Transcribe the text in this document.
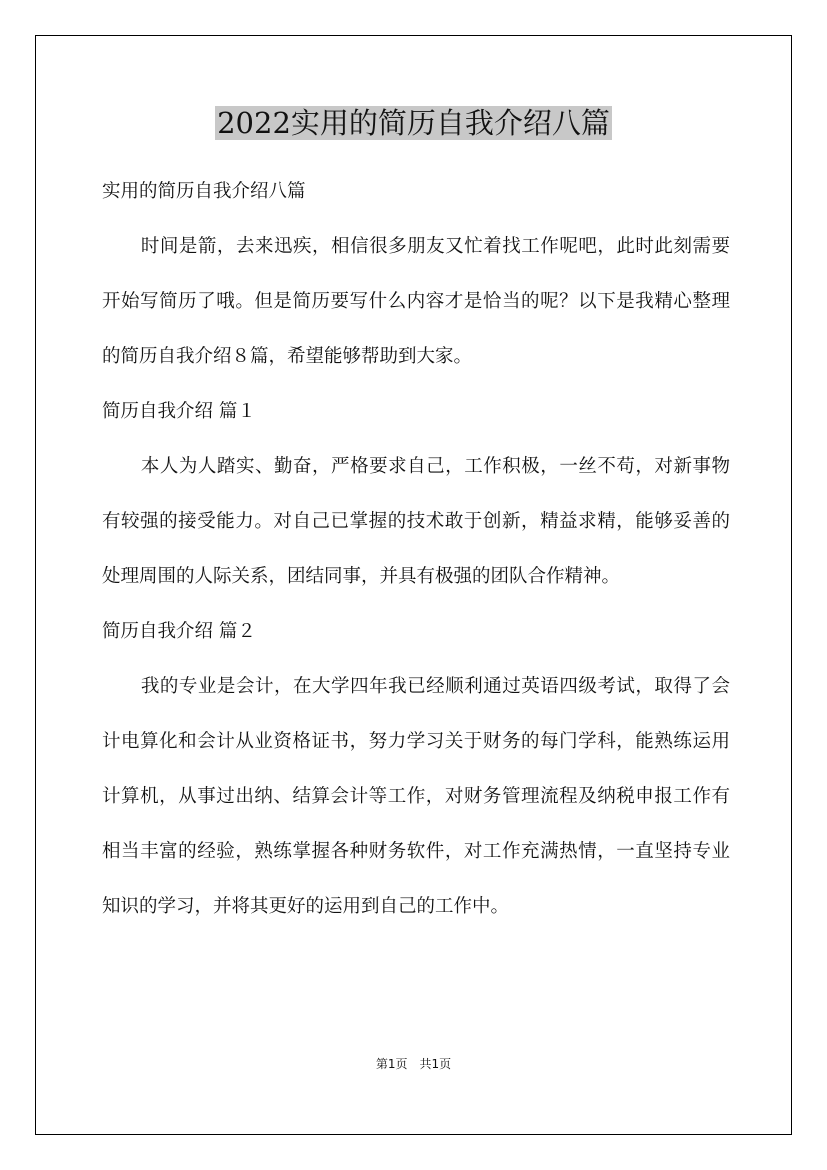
2022实用的简历自我介绍八篇

实用的简历自我介绍八篇

时间是箭，去来迅疾，相信很多朋友又忙着找工作呢吧，此时此刻需要开始写简历了哦。但是简历要写什么内容才是恰当的呢？以下是我精心整理的简历自我介绍８篇，希望能够帮助到大家。

简历自我介绍 篇１

本人为人踏实、勤奋，严格要求自己，工作积极，一丝不苟，对新事物有较强的接受能力。对自己已掌握的技术敢于创新，精益求精，能够妥善的处理周围的人际关系，团结同事，并具有极强的团队合作精神。

简历自我介绍 篇２

我的专业是会计，在大学四年我已经顺利通过英语四级考试，取得了会计电算化和会计从业资格证书，努力学习关于财务的每门学科，能熟练运用计算机，从事过出纳、结算会计等工作，对财务管理流程及纳税申报工作有相当丰富的经验，熟练掌握各种财务软件，对工作充满热情，一直坚持专业知识的学习，并将其更好的运用到自己的工作中。

第1页　共1页
